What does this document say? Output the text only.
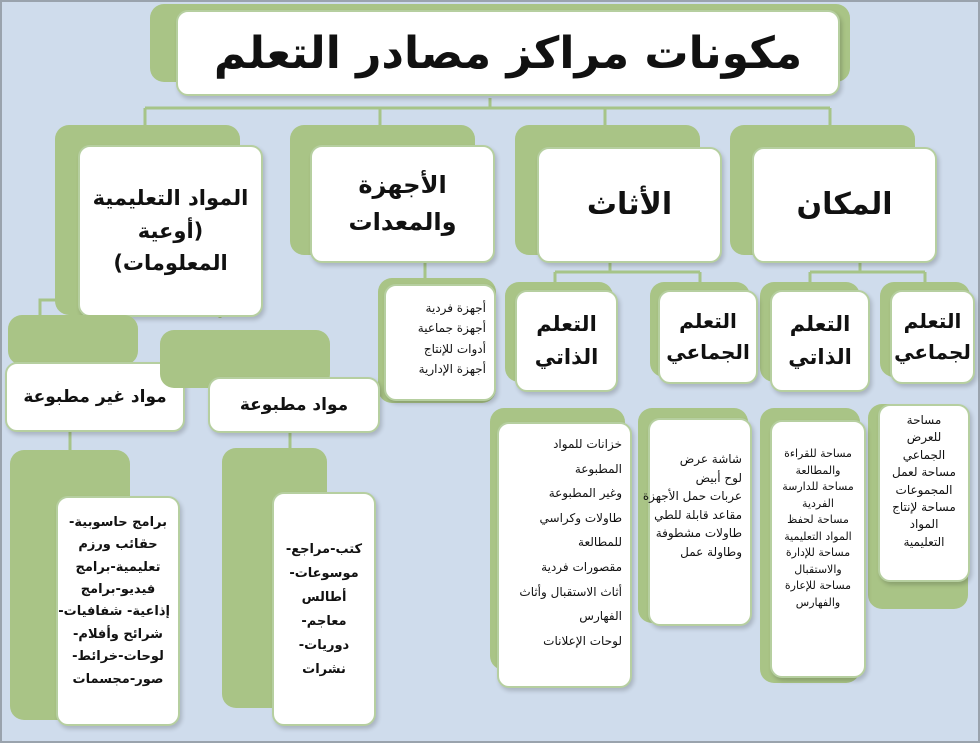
مكونات مراكز مصادر التعلم
المكان
الأثاث
الأجهزة
والمعدات
المواد التعليمية
(أوعية
المعلومات)
أجهزة فردية
أجهزة جماعية
أدوات للإنتاج
أجهزة الإدارية
التعلم
لجماعي
التعلم
الذاتي
التعلم
الجماعي
التعلم
الذاتي
مواد غير مطبوعة	مواد مطبوعة
مساحة
للعرض
الجماعي
مساحة لعمل
المجموعات
مساحة لإنتاج
المواد
التعليمية
مساحة للقراءة
والمطالعة
مساحة للدارسة
الفردية
مساحة لحفظ
المواد التعليمية
مساحة للإدارة
والاستقبال
مساحة للإعارة
والفهارس
شاشة عرض
لوح أبيض
عربات حمل الأجهزة
مقاعد قابلة للطي
طاولات مشطوفة
وطاولة عمل
خزانات للمواد
المطبوعة
وغير المطبوعة
طاولات وكراسي
للمطالعة
مقصورات فردية
أثاث الاستقبال وأثاث
الفهارس
لوحات الإعلانات
كتب-مراجع-
موسوعات-
أطالس
معاجم-
دوريات-
نشرات
برامج حاسوبية-
حقائب ورزم
تعليمية-برامج
فيديو-برامج
إذاعية- شفافيات-
شرائح وأفلام-
لوحات-خرائط-
صور-مجسمات
